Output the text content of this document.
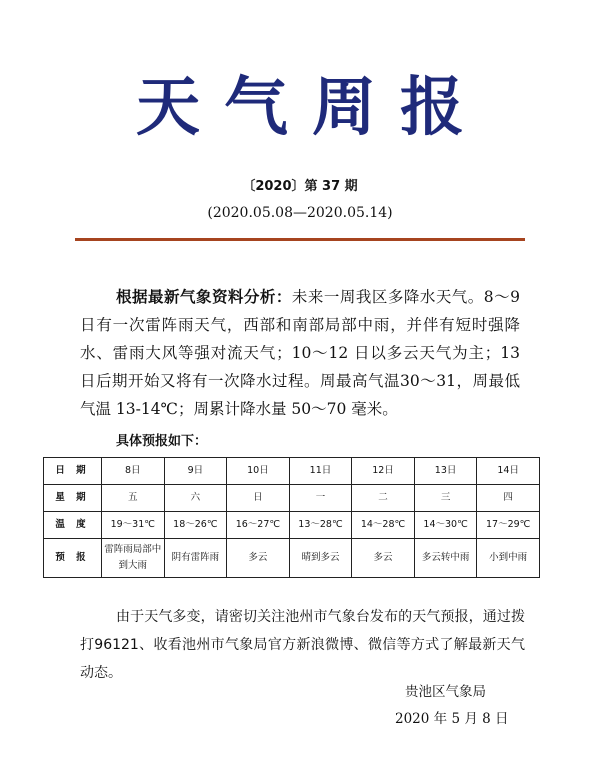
天气周报
〔2020〕第 37 期
(2020.05.08—2020.05.14)
根据最新气象资料分析：未来一周我区多降水天气。8～9 日有一次雷阵雨天气，西部和南部局部中雨，并伴有短时强降水、雷雨大风等强对流天气；10～12 日以多云天气为主；13 日后期开始又将有一次降水过程。周最高气温30～31，周最低气温 13-14℃；周累计降水量 50～70 毫米。
具体预报如下：
日 期	8日	9日	10日	11日	12日	13日	14日
星 期	五	六	日	一	二	三	四
温 度	19～31℃	18～26℃	16～27℃	13～28℃	14～28℃	14～30℃	17～29℃
预 报	雷阵雨局部中到大雨	阴有雷阵雨	多云	晴到多云	多云	多云转中雨	小到中雨
由于天气多变，请密切关注池州市气象台发布的天气预报，通过拨打96121、收看池州市气象局官方新浪微博、微信等方式了解最新天气动态。
贵池区气象局
2020 年 5 月 8 日
